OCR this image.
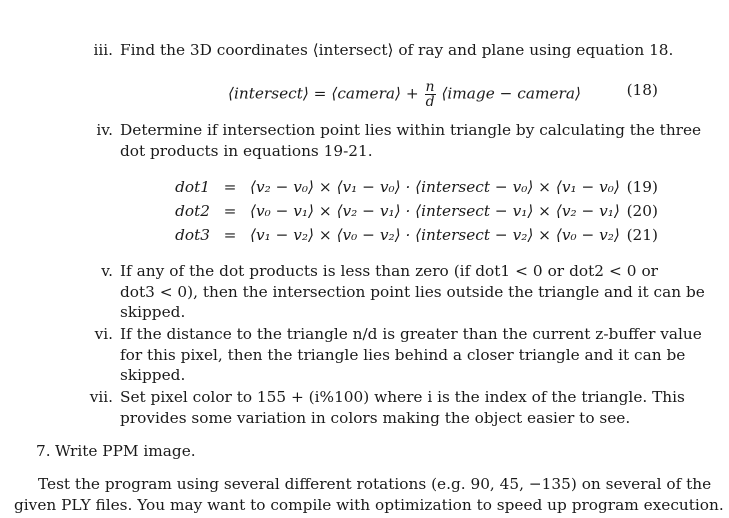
iii. Find the 3D coordinates ⟨intersect⟩ of ray and plane using equation 18.
⟨intersect⟩ = ⟨camera⟩ + $\frac{n}{d}$ ⟨image − camera⟩	(18)
iv. Determine if intersection point lies within triangle by calculating the three
dot products in equations 19-21.
dot1 = ⟨v₂ − v₀⟩ × ⟨v₁ − v₀⟩ · ⟨intersect − v₀⟩ × ⟨v₁ − v₀⟩ (19)
dot2 = ⟨v₀ − v₁⟩ × ⟨v₂ − v₁⟩ · ⟨intersect − v₁⟩ × ⟨v₂ − v₁⟩ (20)
dot3 = ⟨v₁ − v₂⟩ × ⟨v₀ − v₂⟩ · ⟨intersect − v₂⟩ × ⟨v₀ − v₂⟩ (21)
v. If any of the dot products is less than zero (if dot1 < 0 or dot2 < 0 or
dot3 < 0), then the intersection point lies outside the triangle and it can be
skipped.
vi. If the distance to the triangle n/d is greater than the current z-buffer value
for this pixel, then the triangle lies behind a closer triangle and it can be
skipped.
vii. Set pixel color to 155 + (i%100) where i is the index of the triangle. This
provides some variation in colors making the object easier to see.
7. Write PPM image.
Test the program using several different rotations (e.g. 90, 45, −135) on several of the
given PLY files. You may want to compile with optimization to speed up program execution.
